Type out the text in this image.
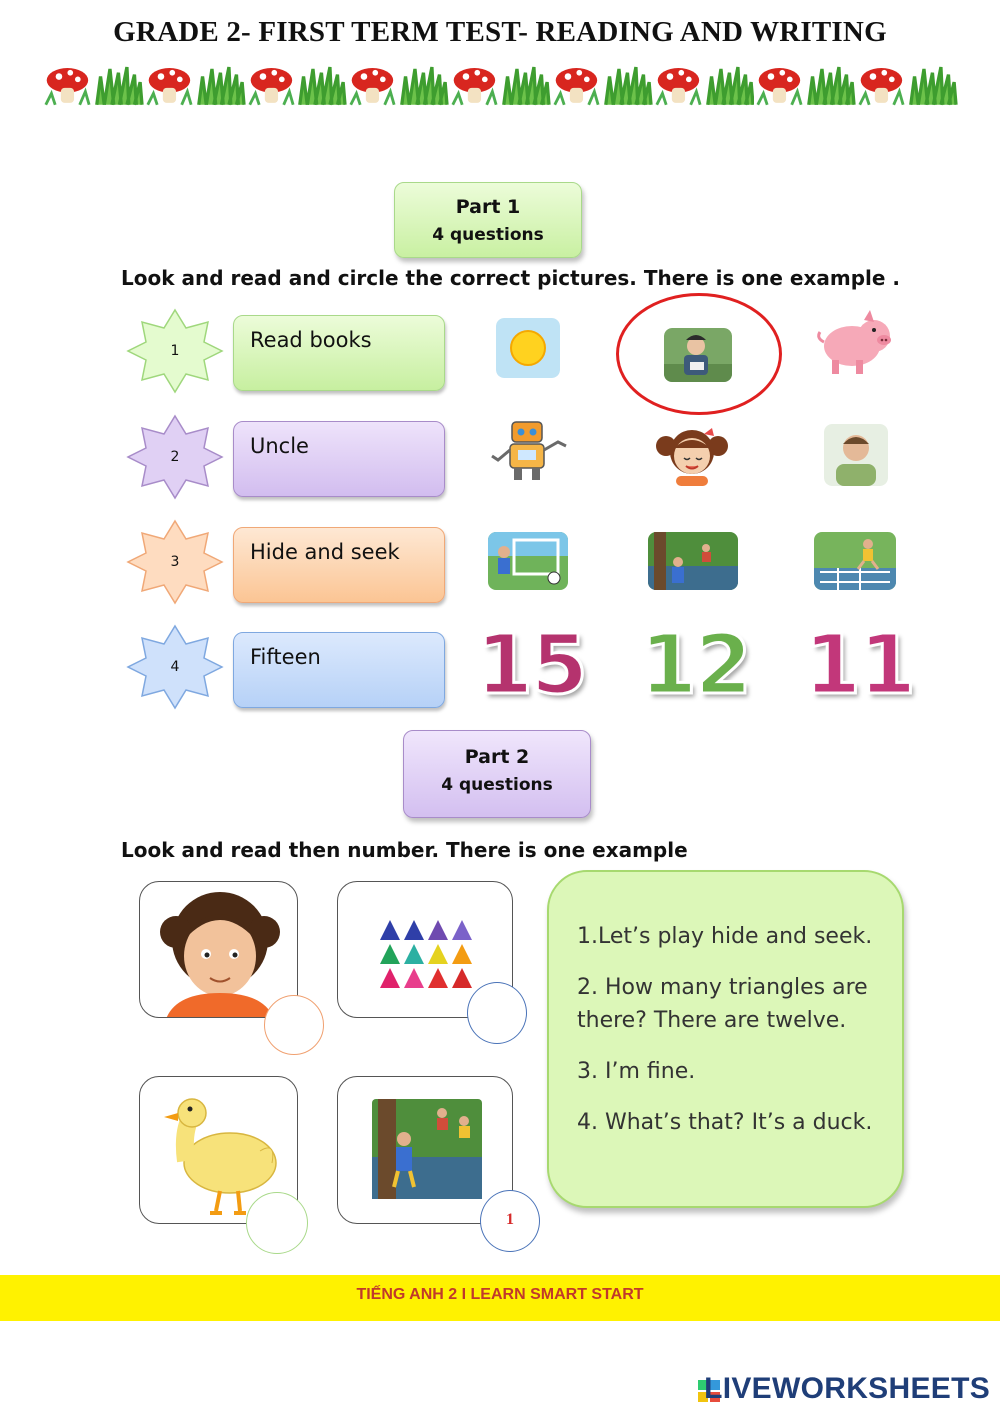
GRADE 2- FIRST TERM TEST- READING AND WRITING
Part 1
4 questions
Look and read and circle the correct pictures. There is one example .
1	Read books
2	Uncle
3	Hide and seek
4	Fifteen	15 12 11
Part 2
4 questions
Look and read then number. There is one example
1

1.Let’s play hide and seek.

2. How many triangles are there? There are twelve.

3. I’m fine.

4. What’s that? It’s a duck.

TIẾNG ANH 2 I LEARN SMART START
LIVEWORKSHEETS
